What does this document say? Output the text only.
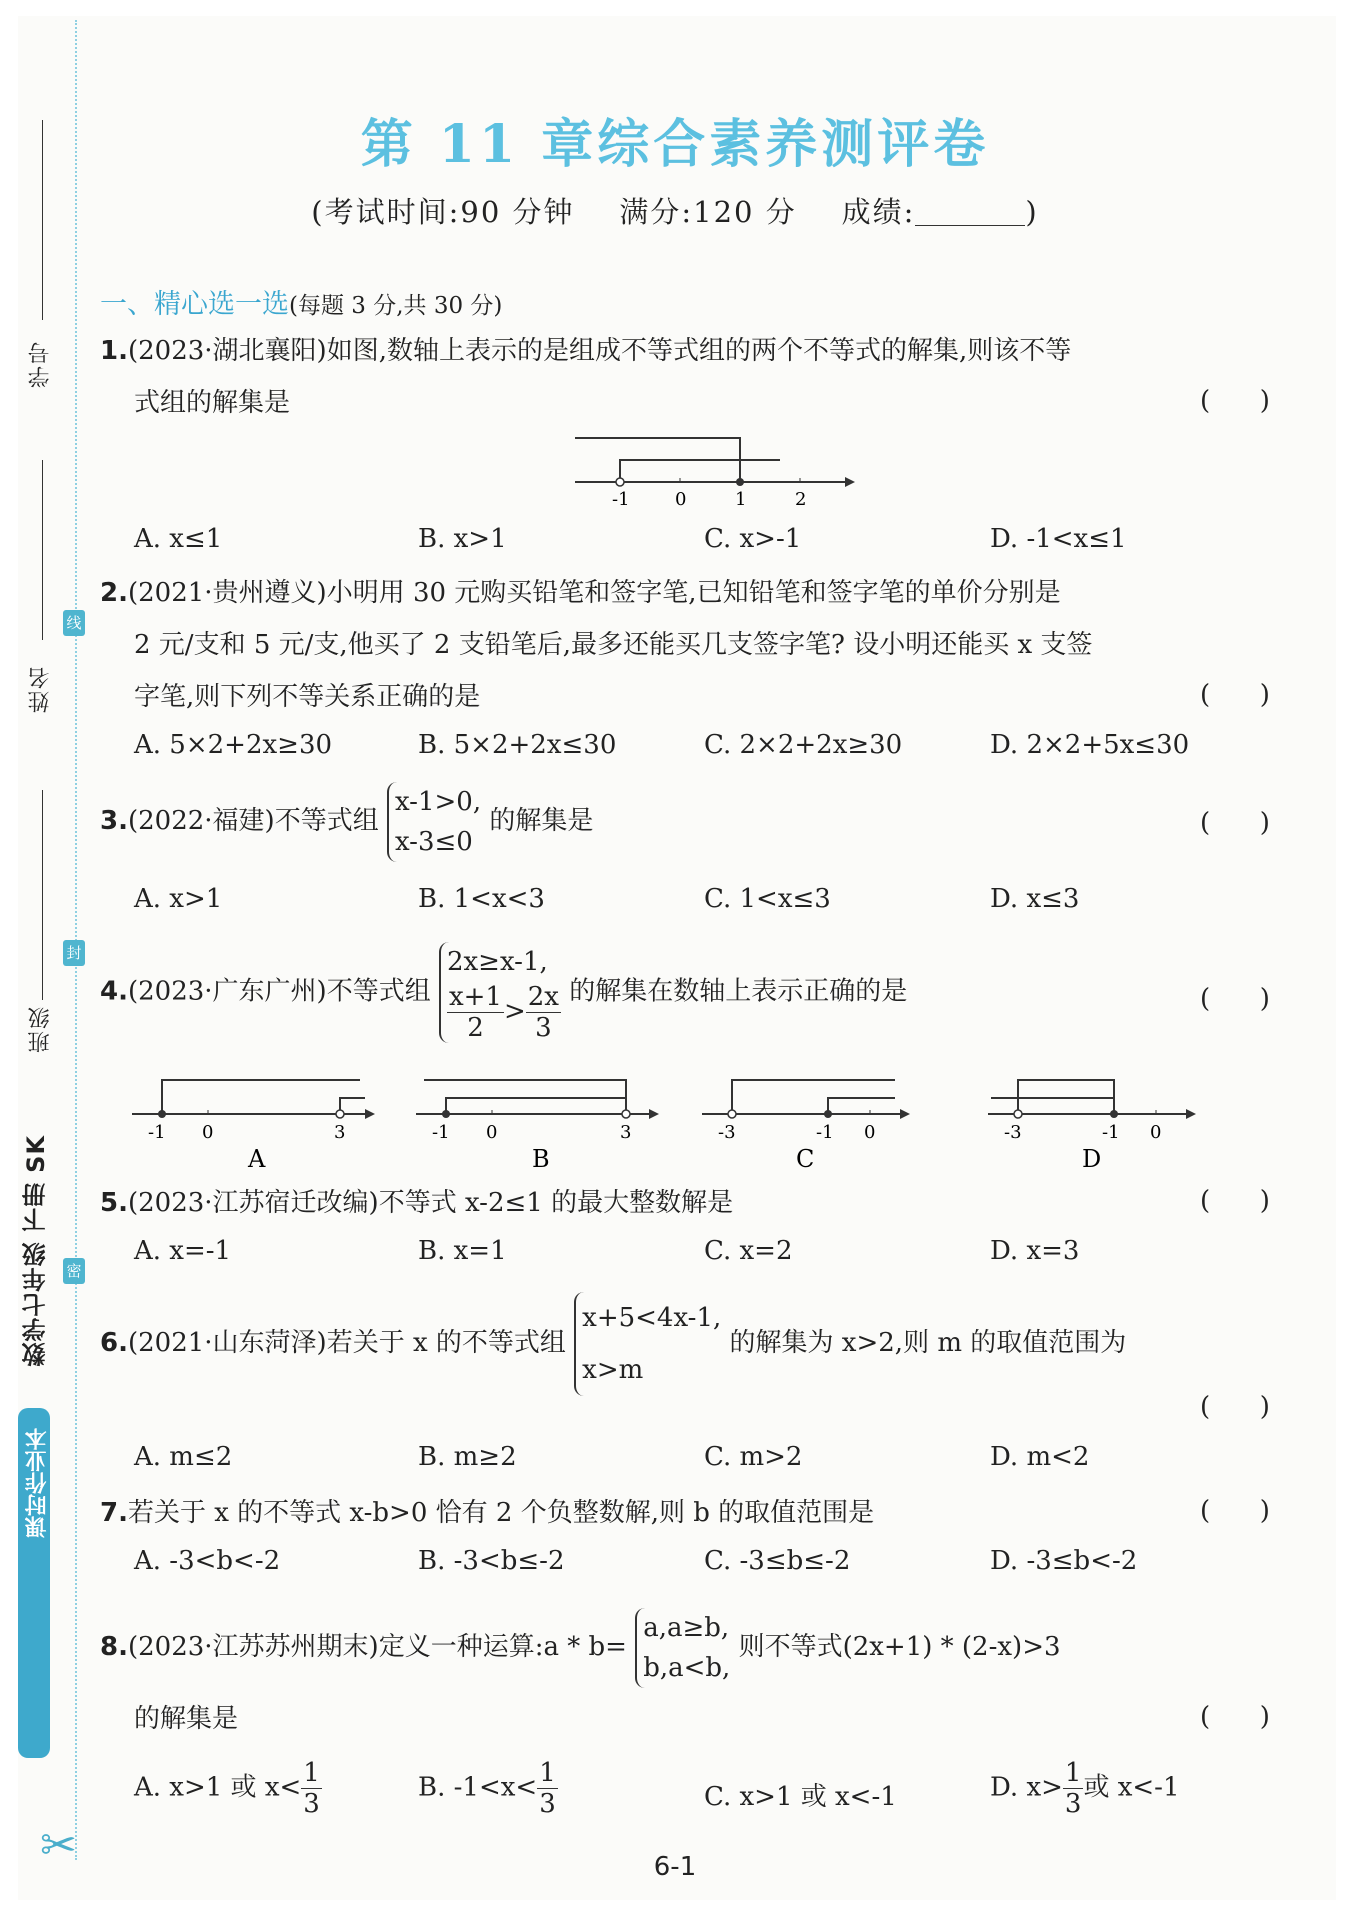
学号
姓名
班级
线
封
密
数学七年级 下册 SK
课时作业本
✂
第 11 章综合素养测评卷
(考试时间:90 分钟 满分:120 分 成绩:	)
一、精心选一选(每题 3 分,共 30 分)
1.(2023·湖北襄阳)如图,数轴上表示的是组成不等式组的两个不等式的解集,则该不等
式组的解集是	(      )
-1	0	1	2
A. x≤1	B. x>1	C. x>-1	D. -1<x≤1
2.(2021·贵州遵义)小明用 30 元购买铅笔和签字笔,已知铅笔和签字笔的单价分别是
2 元/支和 5 元/支,他买了 2 支铅笔后,最多还能买几支签字笔? 设小明还能买 x 支签
字笔,则下列不等关系正确的是	(      )
A. 5×2+2x≥30	B. 5×2+2x≤30	C. 2×2+2x≥30	D. 2×2+5x≤30
3.(2022·福建)不等式组
x-1>0,
x-3≤0
的解集是	(      )
A. x>1	B. 1<x<3	C. 1<x≤3	D. x≤3
4.(2023·广东广州)不等式组
2x≥x-1,
$\frac{x+1}{2} > \frac{2x}{3}$ 的解集在数轴上表示正确的是	(      )
-1 0	3
A
-1 0	3
B
-3	-1 0
C
-3	-1 0
D
5.(2023·江苏宿迁改编)不等式 x-2≤1 的最大整数解是	(      )
A. x=-1	B. x=1	C. x=2	D. x=3
6.(2021·山东菏泽)若关于 x 的不等式组
x+5<4x-1,
x>m
的解集为 x>2,则 m 的取值范围为
(      )
A. m≤2	B. m≥2	C. m>2	D. m<2
7.若关于 x 的不等式 x-b>0 恰有 2 个负整数解,则 b 的取值范围是	(      )
A. -3<b<-2	B. -3<b≤-2	C. -3≤b≤-2	D. -3≤b<-2
8.(2023·江苏苏州期末)定义一种运算:a * b=
a,a≥b,
b,a<b,
则不等式(2x+1) * (2-x)>3
的解集是	(      )
A. x>1 或 $x< \frac{1}{3}$	B. $-1<x< \frac{1}{3}$	C. x>1 或 x<-1	D. $x> \frac{1}{3}$ 或 x<-1
6-1
